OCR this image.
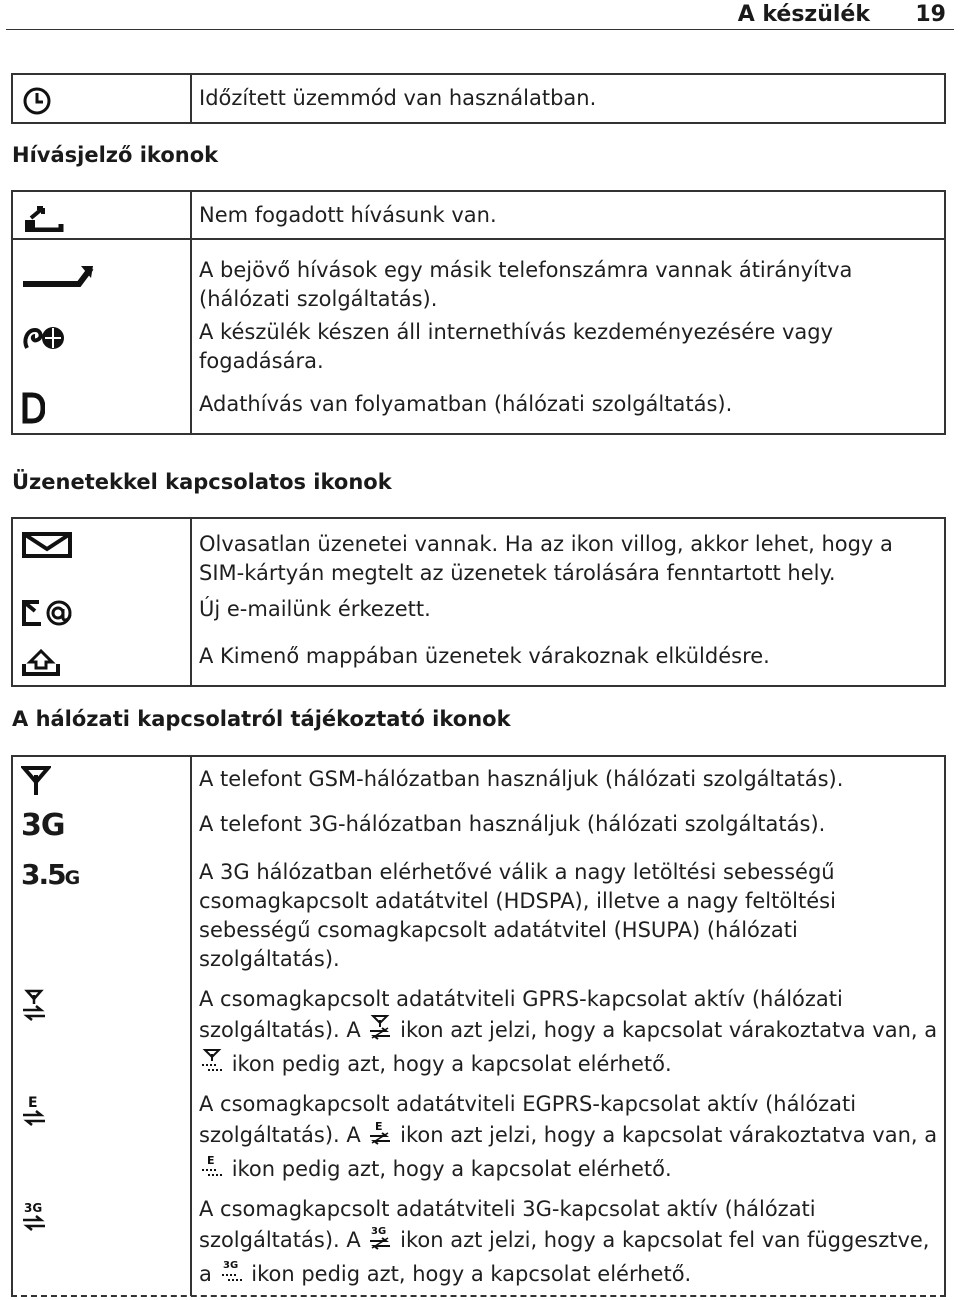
A készülék 19
	Időzített üzemmód van használatban.
Hívásjelző ikonok
	Nem fogadott hívásunk van.

	A bejövő hívások egy másik telefonszámra vannak átirányítva (hálózati szolgáltatás).

	A készülék készen áll internethívás kezdeményezésére vagy fogadására.

	Adathívás van folyamatban (hálózati szolgáltatás).
Üzenetekkel kapcsolatos ikonok
	Olvasatlan üzenetei vannak. Ha az ikon villog, akkor lehet, hogy a SIM-kártyán megtelt az üzenetek tárolására fenntartott hely.

	Új e-mailünk érkezett.

	A Kimenő mappában üzenetek várakoznak elküldésre.
A hálózati kapcsolatról tájékoztató ikonok
	A telefont GSM-hálózatban használjuk (hálózati szolgáltatás).

3G	A telefont 3G-hálózatban használjuk (hálózati szolgáltatás).

3.5G	A 3G hálózatban elérhetővé válik a nagy letöltési sebességű csomagkapcsolt adatátvitel (HDSPA), illetve a nagy feltöltési sebességű csomagkapcsolt adatátvitel (HSUPA) (hálózati szolgáltatás).

	A csomagkapcsolt adatátviteli GPRS-kapcsolat aktív (hálózati szolgáltatás). A ikon azt jelzi, hogy a kapcsolat várakoztatva van, a  ikon pedig azt, hogy a kapcsolat elérhető.

E	A csomagkapcsolt adatátviteli EGPRS-kapcsolat aktív (hálózati szolgáltatás). A E ikon azt jelzi, hogy a kapcsolat várakoztatva van, a
E ikon pedig azt, hogy a kapcsolat elérhető.

3G	A csomagkapcsolt adatátviteli 3G-kapcsolat aktív (hálózati szolgáltatás). A 3G ikon azt jelzi, hogy a kapcsolat fel van függesztve, a 3G ikon pedig azt, hogy a kapcsolat elérhető.
